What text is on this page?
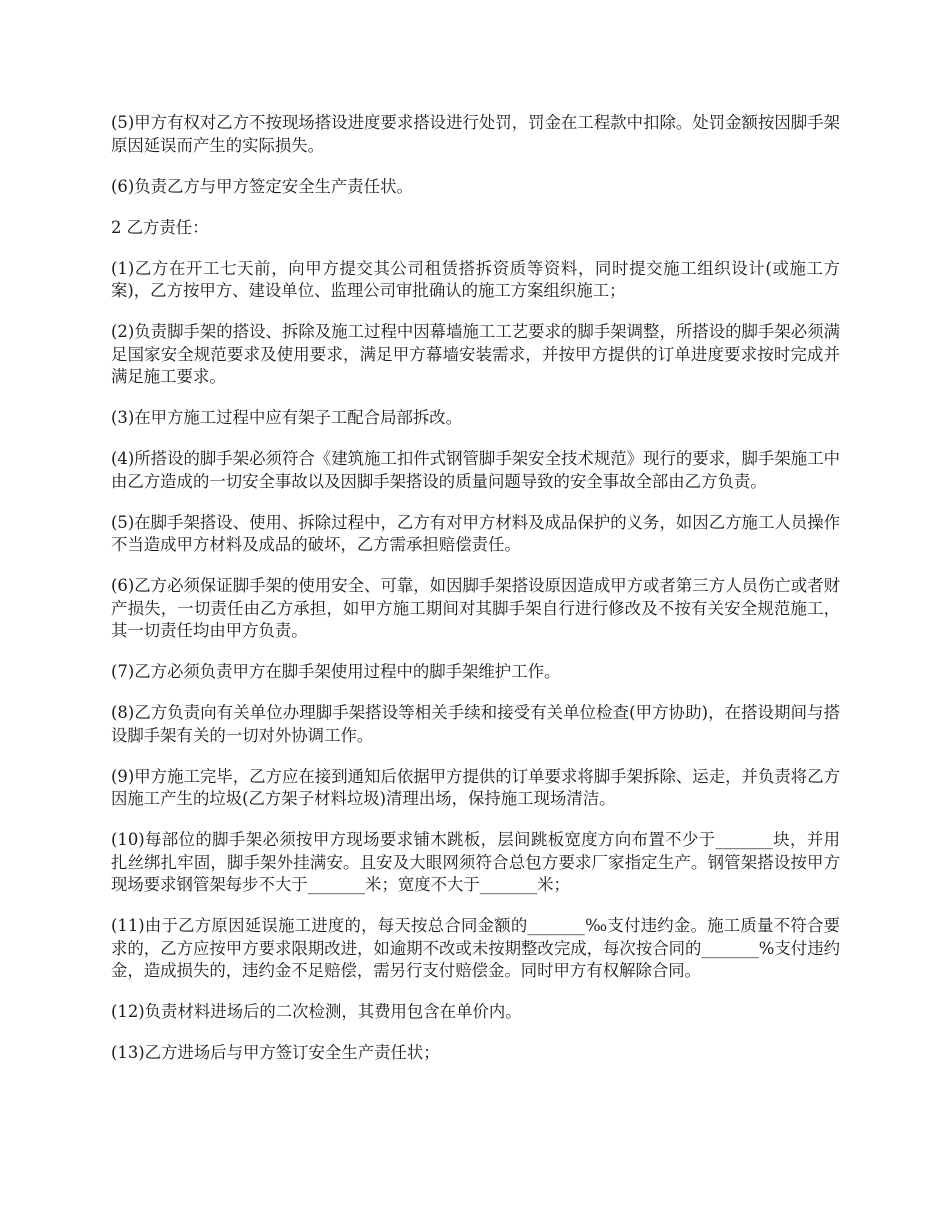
(5)甲方有权对乙方不按现场搭设进度要求搭设进行处罚，罚金在工程款中扣除。处罚金额按因脚手架原因延误而产生的实际损失。

(6)负责乙方与甲方签定安全生产责任状。

2 乙方责任：

(1)乙方在开工七天前，向甲方提交其公司租赁搭拆资质等资料，同时提交施工组织设计(或施工方案)，乙方按甲方、建设单位、监理公司审批确认的施工方案组织施工；

(2)负责脚手架的搭设、拆除及施工过程中因幕墙施工工艺要求的脚手架调整，所搭设的脚手架必须满足国家安全规范要求及使用要求，满足甲方幕墙安装需求，并按甲方提供的订单进度要求按时完成并满足施工要求。

(3)在甲方施工过程中应有架子工配合局部拆改。

(4)所搭设的脚手架必须符合《建筑施工扣件式钢管脚手架安全技术规范》现行的要求，脚手架施工中由乙方造成的一切安全事故以及因脚手架搭设的质量问题导致的安全事故全部由乙方负责。

(5)在脚手架搭设、使用、拆除过程中，乙方有对甲方材料及成品保护的义务，如因乙方施工人员操作不当造成甲方材料及成品的破坏，乙方需承担赔偿责任。

(6)乙方必须保证脚手架的使用安全、可靠，如因脚手架搭设原因造成甲方或者第三方人员伤亡或者财产损失，一切责任由乙方承担，如甲方施工期间对其脚手架自行进行修改及不按有关安全规范施工，其一切责任均由甲方负责。

(7)乙方必须负责甲方在脚手架使用过程中的脚手架维护工作。

(8)乙方负责向有关单位办理脚手架搭设等相关手续和接受有关单位检查(甲方协助)，在搭设期间与搭设脚手架有关的一切对外协调工作。

(9)甲方施工完毕，乙方应在接到通知后依据甲方提供的订单要求将脚手架拆除、运走，并负责将乙方因施工产生的垃圾(乙方架子材料垃圾)清理出场，保持施工现场清洁。

(10)每部位的脚手架必须按甲方现场要求铺木跳板，层间跳板宽度方向布置不少于_______块，并用扎丝绑扎牢固，脚手架外挂满安。且安及大眼网须符合总包方要求厂家指定生产。钢管架搭设按甲方现场要求钢管架每步不大于_______米；宽度不大于_______米；

(11)由于乙方原因延误施工进度的，每天按总合同金额的_______‰支付违约金。施工质量不符合要求的，乙方应按甲方要求限期改进，如逾期不改或未按期整改完成，每次按合同的_______%支付违约金，造成损失的，违约金不足赔偿，需另行支付赔偿金。同时甲方有权解除合同。

(12)负责材料进场后的二次检测，其费用包含在单价内。

(13)乙方进场后与甲方签订安全生产责任状；
